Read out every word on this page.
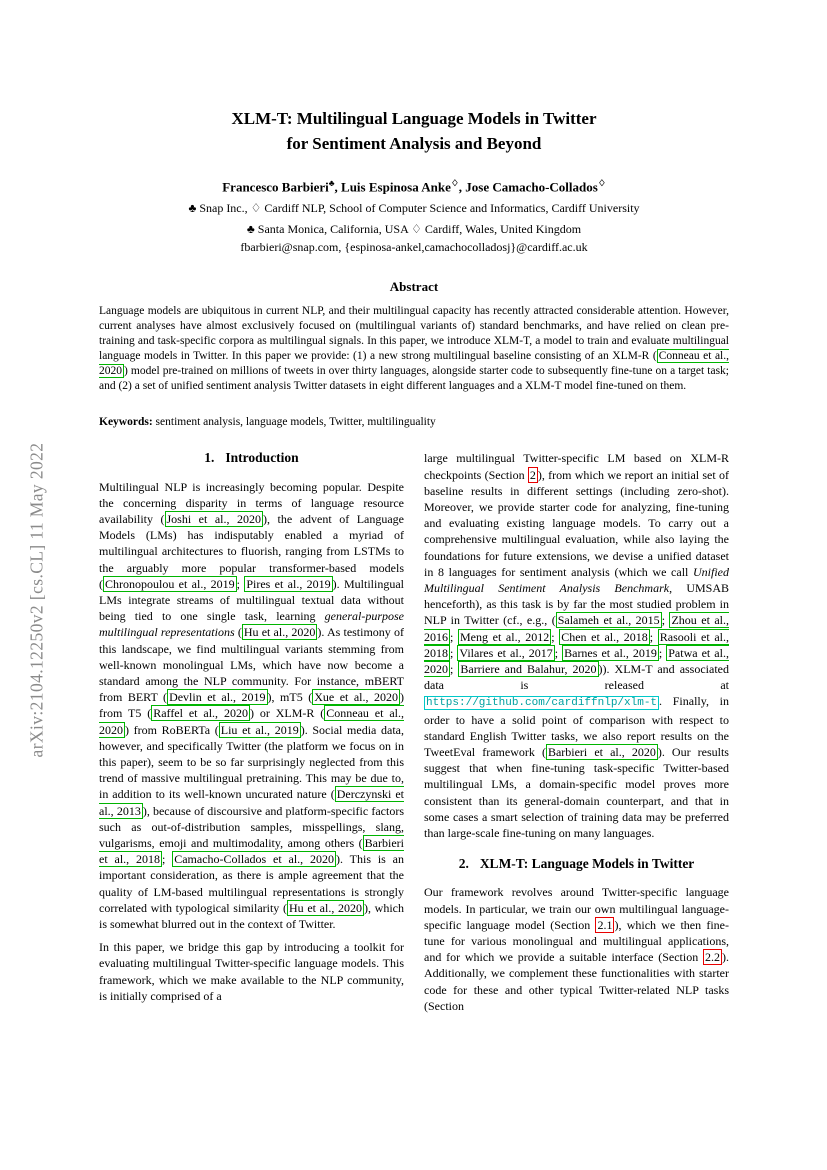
arXiv:2104.12250v2 [cs.CL] 11 May 2022
XLM-T: Multilingual Language Models in Twitter
for Sentiment Analysis and Beyond
Francesco Barbieri♣, Luis Espinosa Anke♢, Jose Camacho-Collados♢
♣ Snap Inc., ♢ Cardiff NLP, School of Computer Science and Informatics, Cardiff University
♣ Santa Monica, California, USA ♢ Cardiff, Wales, United Kingdom
fbarbieri@snap.com, {espinosa-ankel,camachocolladosj}@cardiff.ac.uk
Abstract
Language models are ubiquitous in current NLP, and their multilingual capacity has recently attracted considerable attention. However, current analyses have almost exclusively focused on (multilingual variants of) standard benchmarks, and have relied on clean pre-training and task-specific corpora as multilingual signals. In this paper, we introduce XLM-T, a model to train and evaluate multilingual language models in Twitter. In this paper we provide: (1) a new strong multilingual baseline consisting of an XLM-R ( Conneau et al., 2020 ) model pre-trained on millions of tweets in over thirty languages, alongside starter code to subsequently fine-tune on a target task; and (2) a set of unified sentiment analysis Twitter datasets in eight different languages and a XLM-T model fine-tuned on them.
Keywords: sentiment analysis, language models, Twitter, multilinguality
1. Introduction

Multilingual NLP is increasingly becoming popular. Despite the concerning disparity in terms of language resource availability ( Joshi et al., 2020 ), the advent of Language Models (LMs) has indisputably enabled a myriad of multilingual architectures to fluorish, ranging from LSTMs to the arguably more popular transformer-based models ( Chronopoulou et al., 2019 ; Pires et al., 2019 ). Multilingual LMs integrate streams of multilingual textual data without being tied to one single task, learning general-purpose multilingual representations ( Hu et al., 2020 ). As testimony of this landscape, we find multilingual variants stemming from well-known monolingual LMs, which have now become a standard among the NLP community. For instance, mBERT from BERT ( Devlin et al., 2019 ), mT5 ( Xue et al., 2020 ) from T5 ( Raffel et al., 2020 ) or XLM-R ( Conneau et al., 2020 ) from RoBERTa ( Liu et al., 2019 ). Social media data, however, and specifically Twitter (the platform we focus on in this paper), seem to be so far surprisingly neglected from this trend of massive multilingual pretraining. This may be due to, in addition to its well-known uncurated nature ( Derczynski et al., 2013 ), because of discoursive and platform-specific factors such as out-of-distribution samples, misspellings, slang, vulgarisms, emoji and multimodality, among others ( Barbieri et al., 2018 ; Camacho-Collados et al., 2020 ). This is an important consideration, as there is ample agreement that the quality of LM-based multilingual representations is strongly correlated with typological similarity ( Hu et al., 2020 ), which is somewhat blurred out in the context of Twitter.

In this paper, we bridge this gap by introducing a toolkit for evaluating multilingual Twitter-specific language models. This framework, which we make available to the NLP community, is initially comprised of a

large multilingual Twitter-specific LM based on XLM-R checkpoints (Section 2 ), from which we report an initial set of baseline results in different settings (including zero-shot). Moreover, we provide starter code for analyzing, fine-tuning and evaluating existing language models. To carry out a comprehensive multilingual evaluation, while also laying the foundations for future extensions, we devise a unified dataset in 8 languages for sentiment analysis (which we call Unified Multilingual Sentiment Analysis Benchmark, UMSAB henceforth), as this task is by far the most studied problem in NLP in Twitter (cf., e.g., ( Salameh et al., 2015 ; Zhou et al., 2016 ; Meng et al., 2012 ; Chen et al., 2018 ; Rasooli et al., 2018 ; Vilares et al., 2017 ; Barnes et al., 2019 ; Patwa et al., 2020 ; Barriere and Balahur, 2020 )). XLM-T and associated data is released at https://github.com/cardiffnlp/xlm-t . Finally, in order to have a solid point of comparison with respect to standard English Twitter tasks, we also report results on the TweetEval framework ( Barbieri et al., 2020 ). Our results suggest that when fine-tuning task-specific Twitter-based multilingual LMs, a domain-specific model proves more consistent than its general-domain counterpart, and that in some cases a smart selection of training data may be preferred than large-scale fine-tuning on many languages.

2. XLM-T: Language Models in Twitter

Our framework revolves around Twitter-specific language models. In particular, we train our own multilingual language-specific language model (Section 2.1 ), which we then fine-tune for various monolingual and multilingual applications, and for which we provide a suitable interface (Section 2.2 ). Additionally, we complement these functionalities with starter code for these and other typical Twitter-related NLP tasks (Section
